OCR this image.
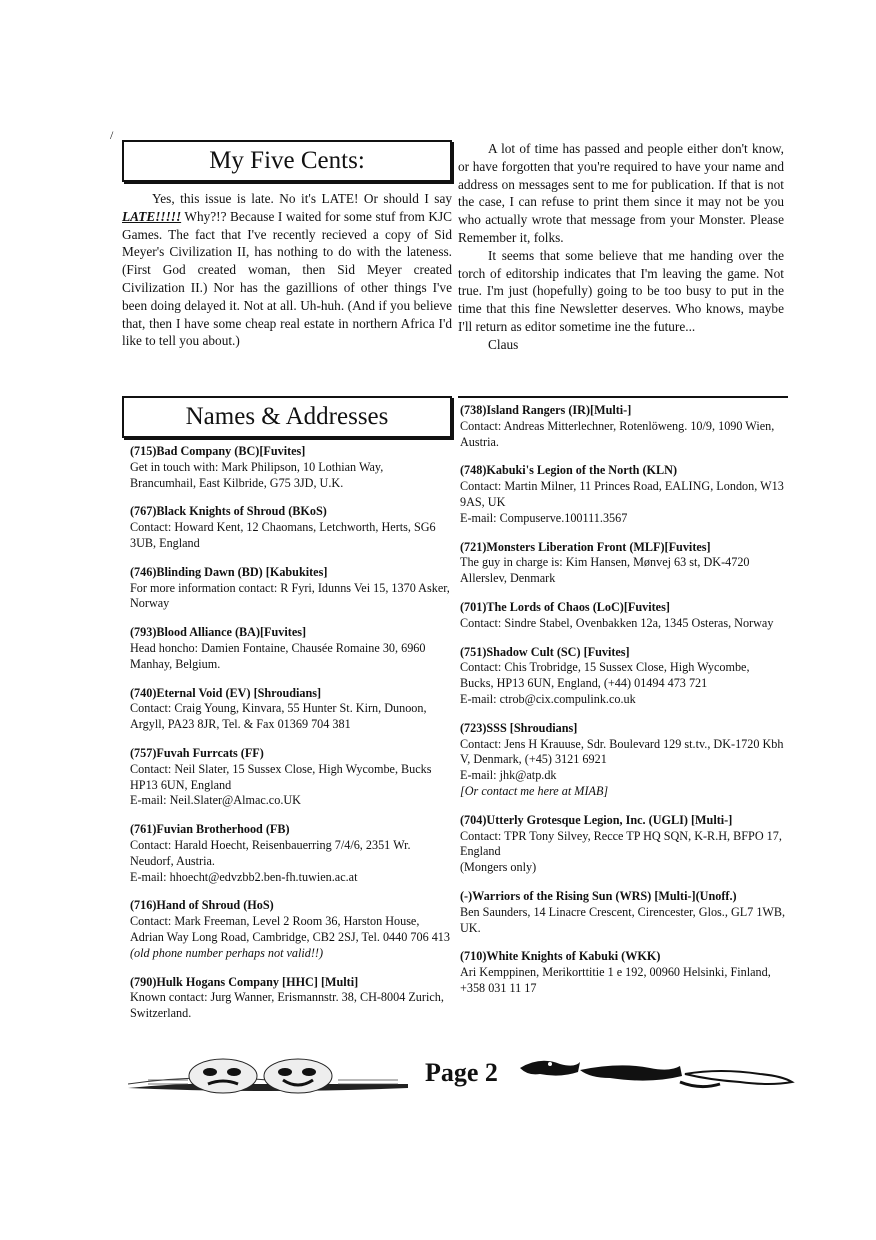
/
My Five Cents:

Yes, this issue is late. No it's LATE! Or should I say LATE!!!!! Why?!? Because I waited for some stuf from KJC Games. The fact that I've recently recieved a copy of Sid Meyer's Civilization II, has nothing to do with the lateness. (First God created woman, then Sid Meyer created Civilization II.) Nor has the gazillions of other things I've been doing delayed it. Not at all. Uh-huh. (And if you believe that, then I have some cheap real estate in northern Africa I'd like to tell you about.)

A lot of time has passed and people either don't know, or have forgotten that you're required to have your name and address on messages sent to me for publication. If that is not the case, I can refuse to print them since it may not be you who actually wrote that message from your Monster. Please Remember it, folks.

It seems that some believe that me handing over the torch of editorship indicates that I'm leaving the game. Not true. I'm just (hopefully) going to be too busy to put in the time that this fine Newsletter deserves. Who knows, maybe I'll return as editor sometime ine the future...

Claus
Names & Addresses
(715)Bad Company (BC)[Fuvites]
Get in touch with: Mark Philipson, 10 Lothian Way, Brancumhail, East Kilbride, G75 3JD, U.K.
(767)Black Knights of Shroud (BKoS)
Contact: Howard Kent, 12 Chaomans, Letchworth, Herts, SG6 3UB, England
(746)Blinding Dawn (BD) [Kabukites]
For more information contact: R Fyri, Idunns Vei 15, 1370 Asker, Norway
(793)Blood Alliance (BA)[Fuvites]
Head honcho: Damien Fontaine, Chausée Romaine 30, 6960 Manhay, Belgium.
(740)Eternal Void (EV) [Shroudians]
Contact: Craig Young, Kinvara, 55 Hunter St. Kirn, Dunoon, Argyll, PA23 8JR, Tel. & Fax 01369 704 381
(757)Fuvah Furrcats (FF)
Contact: Neil Slater, 15 Sussex Close, High Wycombe, Bucks HP13 6UN, England
E-mail: Neil.Slater@Almac.co.UK
(761)Fuvian Brotherhood (FB)
Contact: Harald Hoecht, Reisenbauerring 7/4/6, 2351 Wr. Neudorf, Austria.
E-mail: hhoecht@edvzbb2.ben-fh.tuwien.ac.at
(716)Hand of Shroud (HoS)
Contact: Mark Freeman, Level 2 Room 36, Harston House, Adrian Way Long Road, Cambridge, CB2 2SJ, Tel. 0440 706 413
(old phone number perhaps not valid!!)
(790)Hulk Hogans Company [HHC] [Multi]
Known contact: Jurg Wanner, Erismannstr. 38, CH-8004 Zurich, Switzerland.
(738)Island Rangers (IR)[Multi-]
Contact: Andreas Mitterlechner, Rotenlöweng. 10/9, 1090 Wien, Austria.
(748)Kabuki's Legion of the North (KLN)
Contact: Martin Milner, 11 Princes Road, EALING, London, W13 9AS, UK
E-mail: Compuserve.100111.3567
(721)Monsters Liberation Front (MLF)[Fuvites]
The guy in charge is: Kim Hansen, Mønvej 63 st, DK-4720 Allerslev, Denmark
(701)The Lords of Chaos (LoC)[Fuvites]
Contact: Sindre Stabel, Ovenbakken 12a, 1345 Osteras, Norway
(751)Shadow Cult (SC) [Fuvites]
Contact: Chis Trobridge, 15 Sussex Close, High Wycombe, Bucks, HP13 6UN, England, (+44) 01494 473 721
E-mail: ctrob@cix.compulink.co.uk
(723)SSS [Shroudians]
Contact: Jens H Krauuse, Sdr. Boulevard 129 st.tv., DK-1720 Kbh V, Denmark, (+45) 3121 6921
E-mail: jhk@atp.dk
[Or contact me here at MIAB]
(704)Utterly Grotesque Legion, Inc. (UGLI) [Multi-]
Contact: TPR Tony Silvey, Recce TP HQ SQN, K-R.H, BFPO 17, England
(Mongers only)
(-)Warriors of the Rising Sun (WRS) [Multi-](Unoff.)
Ben Saunders, 14 Linacre Crescent, Cirencester, Glos., GL7 1WB, UK.
(710)White Knights of Kabuki (WKK)
Ari Kemppinen, Merikorttitie 1 e 192, 00960 Helsinki, Finland, +358 031 11 17
Page 2
